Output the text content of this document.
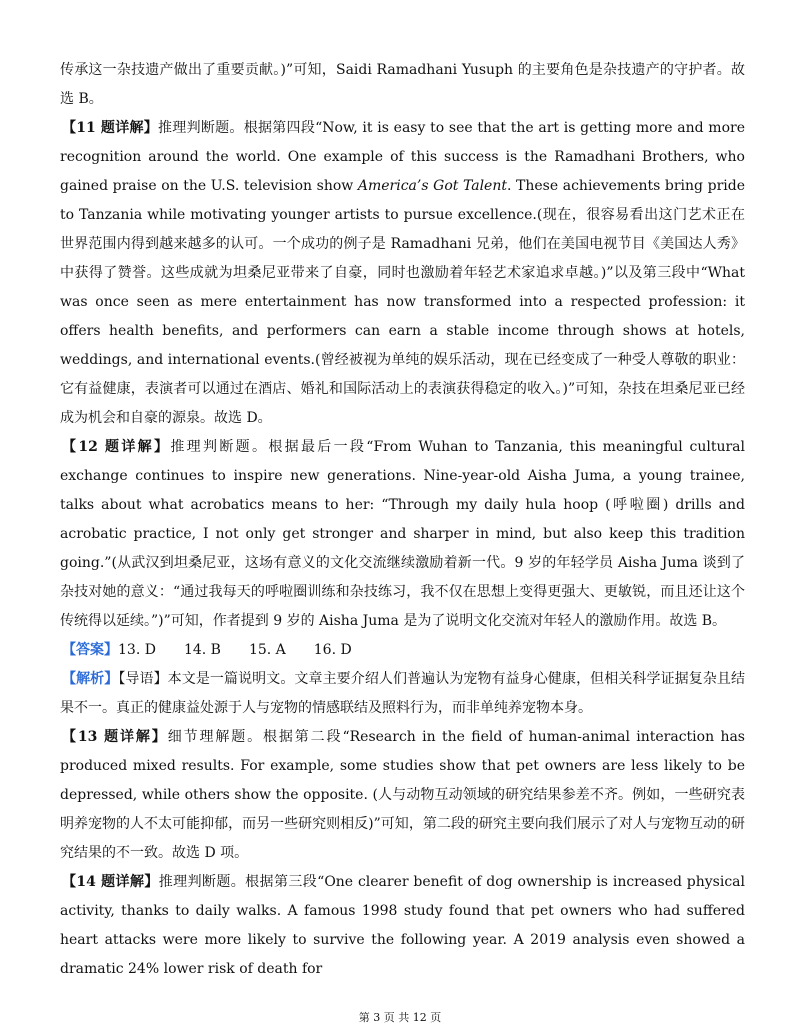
传承这一杂技遗产做出了重要贡献。)”可知，Saidi Ramadhani Yusuph 的主要角色是杂技遗产的守护者。故选 B。

【11 题详解】推理判断题。根据第四段“Now, it is easy to see that the art is getting more and more recognition around the world. One example of this success is the Ramadhani Brothers, who gained praise on the U.S. television show America’s Got Talent. These achievements bring pride to Tanzania while motivating younger artists to pursue excellence.(现在，很容易看出这门艺术正在世界范围内得到越来越多的认可。一个成功的例子是 Ramadhani 兄弟，他们在美国电视节目《美国达人秀》中获得了赞誉。这些成就为坦桑尼亚带来了自豪，同时也激励着年轻艺术家追求卓越。)”以及第三段中“What was once seen as mere entertainment has now transformed into a respected profession: it offers health benefits, and performers can earn a stable income through shows at hotels, weddings, and international events.(曾经被视为单纯的娱乐活动，现在已经变成了一种受人尊敬的职业：它有益健康，表演者可以通过在酒店、婚礼和国际活动上的表演获得稳定的收入。)”可知，杂技在坦桑尼亚已经成为机会和自豪的源泉。故选 D。

【12 题详解】推理判断题。根据最后一段“From Wuhan to Tanzania, this meaningful cultural exchange continues to inspire new generations. Nine-year-old Aisha Juma, a young trainee, talks about what acrobatics means to her: “Through my daily hula hoop (呼啦圈) drills and acrobatic practice, I not only get stronger and sharper in mind, but also keep this tradition going.”(从武汉到坦桑尼亚，这场有意义的文化交流继续激励着新一代。9 岁的年轻学员 Aisha Juma 谈到了杂技对她的意义：“通过我每天的呼啦圈训练和杂技练习，我不仅在思想上变得更强大、更敏锐，而且还让这个传统得以延续。”)”可知，作者提到 9 岁的 Aisha Juma 是为了说明文化交流对年轻人的激励作用。故选 B。

【答案】13. D　　14. B　　15. A　　16. D

【解析】【导语】本文是一篇说明文。文章主要介绍人们普遍认为宠物有益身心健康，但相关科学证据复杂且结果不一。真正的健康益处源于人与宠物的情感联结及照料行为，而非单纯养宠物本身。

【13 题详解】细节理解题。根据第二段“Research in the field of human-animal interaction has produced mixed results. For example, some studies show that pet owners are less likely to be depressed, while others show the opposite. (人与动物互动领域的研究结果参差不齐。例如，一些研究表明养宠物的人不太可能抑郁，而另一些研究则相反)”可知，第二段的研究主要向我们展示了对人与宠物互动的研究结果的不一致。故选 D 项。

【14 题详解】推理判断题。根据第三段“One clearer benefit of dog ownership is increased physical activity, thanks to daily walks. A famous 1998 study found that pet owners who had suffered heart attacks were more likely to survive the following year. A 2019 analysis even showed a dramatic 24% lower risk of death for

第 3 页 共 12 页
